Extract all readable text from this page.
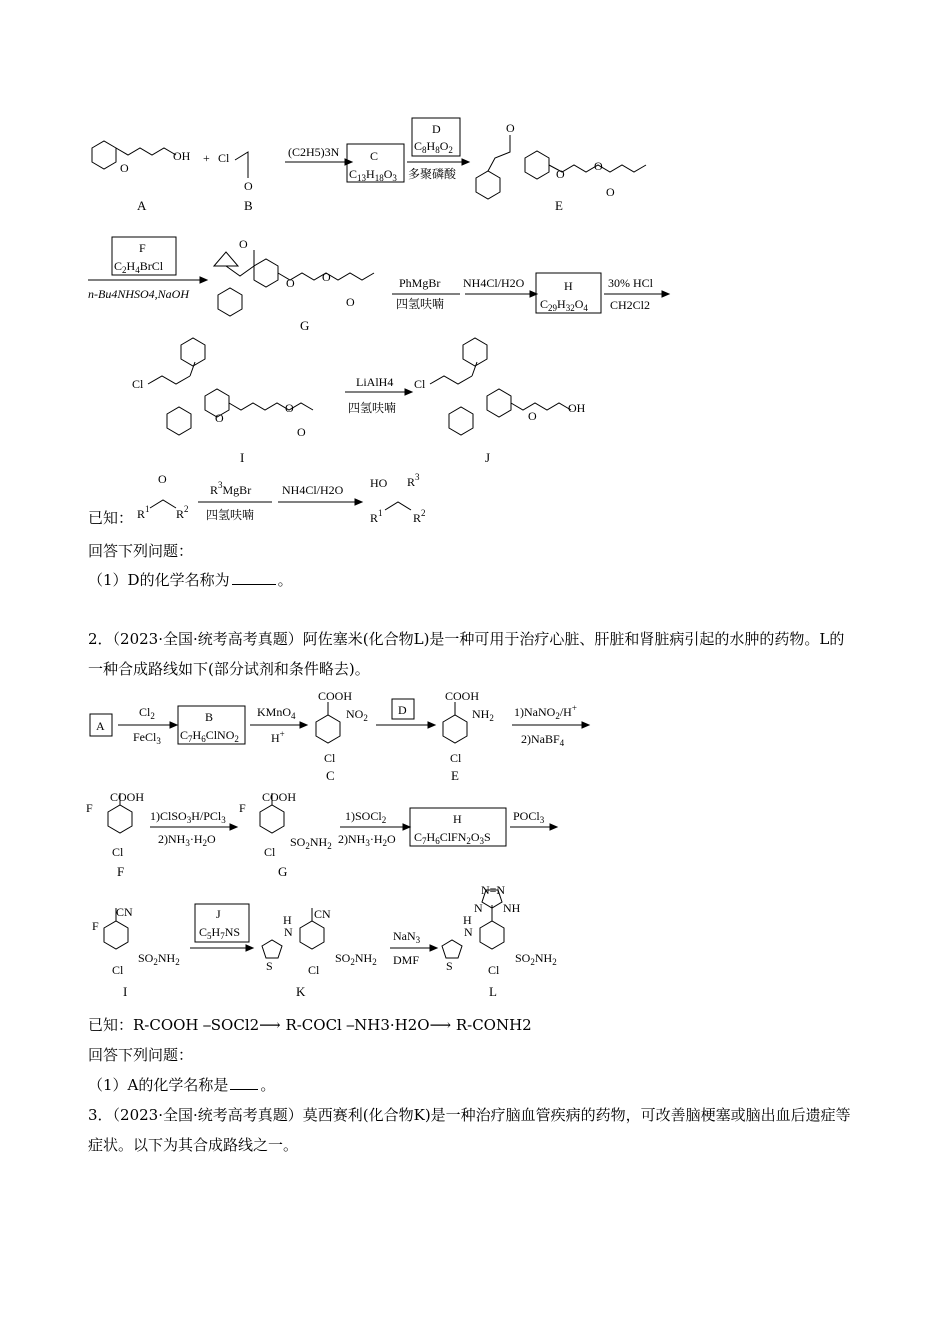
OH
O
+ Cl
O
A	B
(C2H5)3N	C
$C_{13}H_{18}O_3$
D
$C_8H_8O_2$
多聚磷酸
O
O
O
O
E
F
$C_2H_4BrCl$
n-Bu4NHSO4,NaOH
O
O O
O
G
PhMgBr
四氢呋喃
NH4Cl/H2O	H
$C_{29}H_{32}O_4$
30% HCl
CH2Cl2
Cl
O
O
O
I
LiAlH4
四氢呋喃
Cl
O
OH
J
已知：
O
$R^1$ $R^2$
$R^3MgBr$
四氢呋喃
NH4Cl/H2O HO $R^3$
$R^1$	$R^2$
回答下列问题：
（1）D的化学名称为	。
2．（2023·全国·统考高考真题）阿佐塞米(化合物L)是一种可用于治疗心脏、肝脏和肾脏病引起的水肿的药物。L的一种合成路线如下(部分试剂和条件略去)。
A
$Cl_2$
FeCl$_3$
B
$C_7H_6ClNO_2$
KMnO$_4$
H+
COOH
$NO_2$
Cl
C
D
COOH
$NH_2$
Cl
E
1)NaNO$_2$/H+
2)NaBF$_4$
COOH
F
Cl
F
1)ClSO$_3$H/PCl$_3$
$2)NH_3\cdot H_2O$
COOH
F
$SO_2NH_2$
Cl
G
1)SOCl$_2$
$2)NH_3\cdot H_2O$
H
$C_7H_6ClFN_2O_3S$
POCl$_3$
CN
F
$SO_2NH_2$
Cl
I
J
$C_5H_7NS$
H
N
CN
S
$SO_2NH_2$
Cl
K
NaN$_3$
DMF
N=N
N NH
H
N
S
$SO_2NH_2$
Cl
L
已知：R-COOH ⎯SOCl2⟶ R-COCl ⎯NH3·H2O⟶ R-CONH2
回答下列问题：
（1）A的化学名称是 。
3．（2023·全国·统考高考真题）莫西赛利(化合物K)是一种治疗脑血管疾病的药物，可改善脑梗塞或脑出血后遗症等症状。以下为其合成路线之一。
